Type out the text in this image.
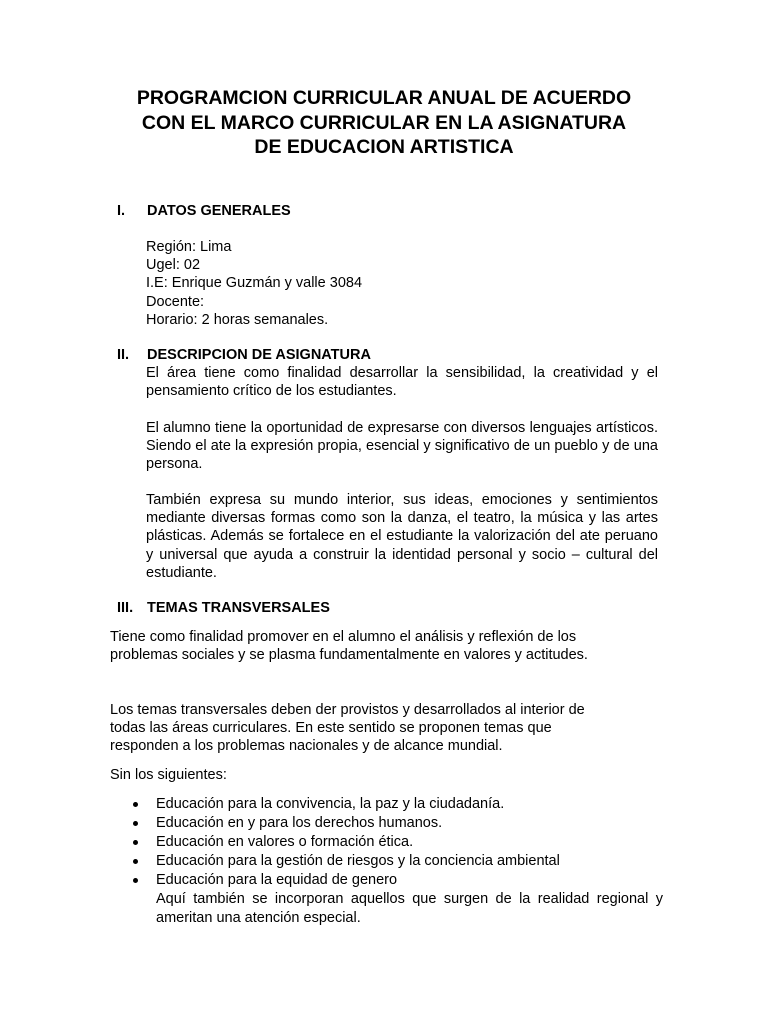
PROGRAMCION CURRICULAR ANUAL DE ACUERDO
CON EL MARCO CURRICULAR EN LA ASIGNATURA
DE EDUCACION ARTISTICA
I. DATOS GENERALES
Región: Lima
Ugel: 02
I.E: Enrique Guzmán y valle 3084
Docente:
Horario: 2 horas semanales.
II. DESCRIPCION DE ASIGNATURA
El área tiene como finalidad desarrollar la sensibilidad, la creatividad y el pensamiento crítico de los estudiantes.
El alumno tiene la oportunidad de expresarse con diversos lenguajes artísticos. Siendo el ate la expresión propia, esencial y significativo de un pueblo y de una persona.
También expresa su mundo interior, sus ideas, emociones y sentimientos mediante diversas formas como son la danza, el teatro, la música y las artes plásticas. Además se fortalece en el estudiante la valorización del ate peruano y universal que ayuda a construir la identidad personal y socio – cultural del estudiante.
III. TEMAS TRANSVERSALES
Tiene como finalidad promover en el alumno el análisis y reflexión de los
problemas sociales y se plasma fundamentalmente en valores y actitudes.
Los temas transversales deben der provistos y desarrollados al interior de
todas las áreas curriculares. En este sentido se proponen temas que
responden a los problemas nacionales y de alcance mundial.
Sin los siguientes:
Educación para la convivencia, la paz y la ciudadanía.
Educación en y para los derechos humanos.
Educación en valores o formación ética.
Educación para la gestión de riesgos y la conciencia ambiental
Educación para la equidad de genero
Aquí también se incorporan aquellos que surgen de la realidad regional y ameritan una atención especial.
